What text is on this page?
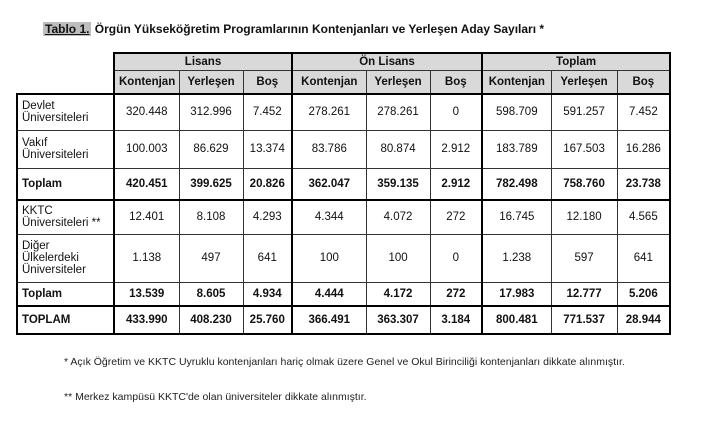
Tablo 1. Örgün Yükseköğretim Programlarının Kontenjanları ve Yerleşen Aday Sayıları *
	Lisans			Ön Lisans			Toplam		
	Kontenjan	Yerleşen	Boş	Kontenjan	Yerleşen	Boş	Kontenjan	Yerleşen	Boş
Devlet Üniversiteleri	320.448	312.996	7.452	278.261	278.261	0	598.709	591.257	7.452
Vakıf Üniversiteleri	100.003	86.629	13.374	83.786	80.874	2.912	183.789	167.503	16.286
Toplam	420.451	399.625	20.826	362.047	359.135	2.912	782.498	758.760	23.738
KKTC Üniversiteleri **	12.401	8.108	4.293	4.344	4.072	272	16.745	12.180	4.565
Diğer Ülkelerdeki Üniversiteler	1.138	497	641	100	100	0	1.238	597	641
Toplam	13.539	8.605	4.934	4.444	4.172	272	17.983	12.777	5.206
TOPLAM	433.990	408.230	25.760	366.491	363.307	3.184	800.481	771.537	28.944
* Açık Öğretim ve KKTC Uyruklu kontenjanları hariç olmak üzere Genel ve Okul Birinciliği kontenjanları dikkate alınmıştır.
** Merkez kampüsü KKTC'de olan üniversiteler dikkate alınmıştır.
